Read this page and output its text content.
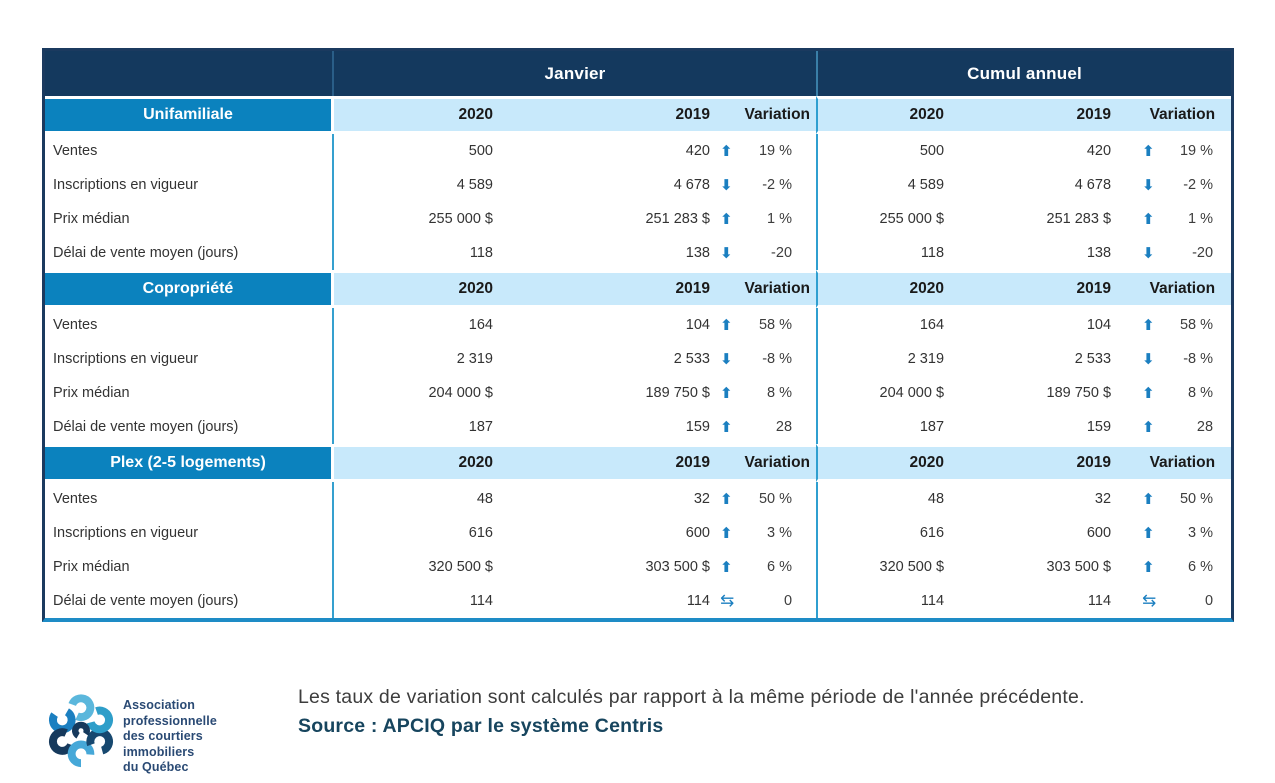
	Janvier			Cumul annuel		
Unifamiliale	2020	2019	Variation	2020	2019	Variation
Ventes	500	420	⬆ 19 %	500	420	⬆ 19 %

Inscriptions en vigueur	4 589	4 678	⬇ -2 %	4 589	4 678	⬇ -2 %

Prix médian	255 000 $	251 283 $	⬆ 1 %	255 000 $	251 283 $	⬆ 1 %

Délai de vente moyen (jours)	118	138	⬇ -20	118	138	⬇ -20

Copropriété	2020	2019	Variation	2020	2019	Variation
Ventes	164	104	⬆ 58 %	164	104	⬆ 58 %

Inscriptions en vigueur	2 319	2 533	⬇ -8 %	2 319	2 533	⬇ -8 %

Prix médian	204 000 $	189 750 $	⬆ 8 %	204 000 $	189 750 $	⬆ 8 %

Délai de vente moyen (jours)	187	159	⬆ 28	187	159	⬆ 28

Plex (2-5 logements)	2020	2019	Variation	2020	2019	Variation
Ventes	48	32	⬆ 50 %	48	32	⬆ 50 %

Inscriptions en vigueur	616	600	⬆ 3 %	616	600	⬆ 3 %

Prix médian	320 500 $	303 500 $	⬆ 6 %	320 500 $	303 500 $	⬆ 6 %

Délai de vente moyen (jours)	114	114	⇆ 0	114	114	⇆ 0
Association
professionnelle
des courtiers
immobiliers
du Québec

Les taux de variation sont calculés par rapport à la même période de l'année précédente.

Source : APCIQ par le système Centris
